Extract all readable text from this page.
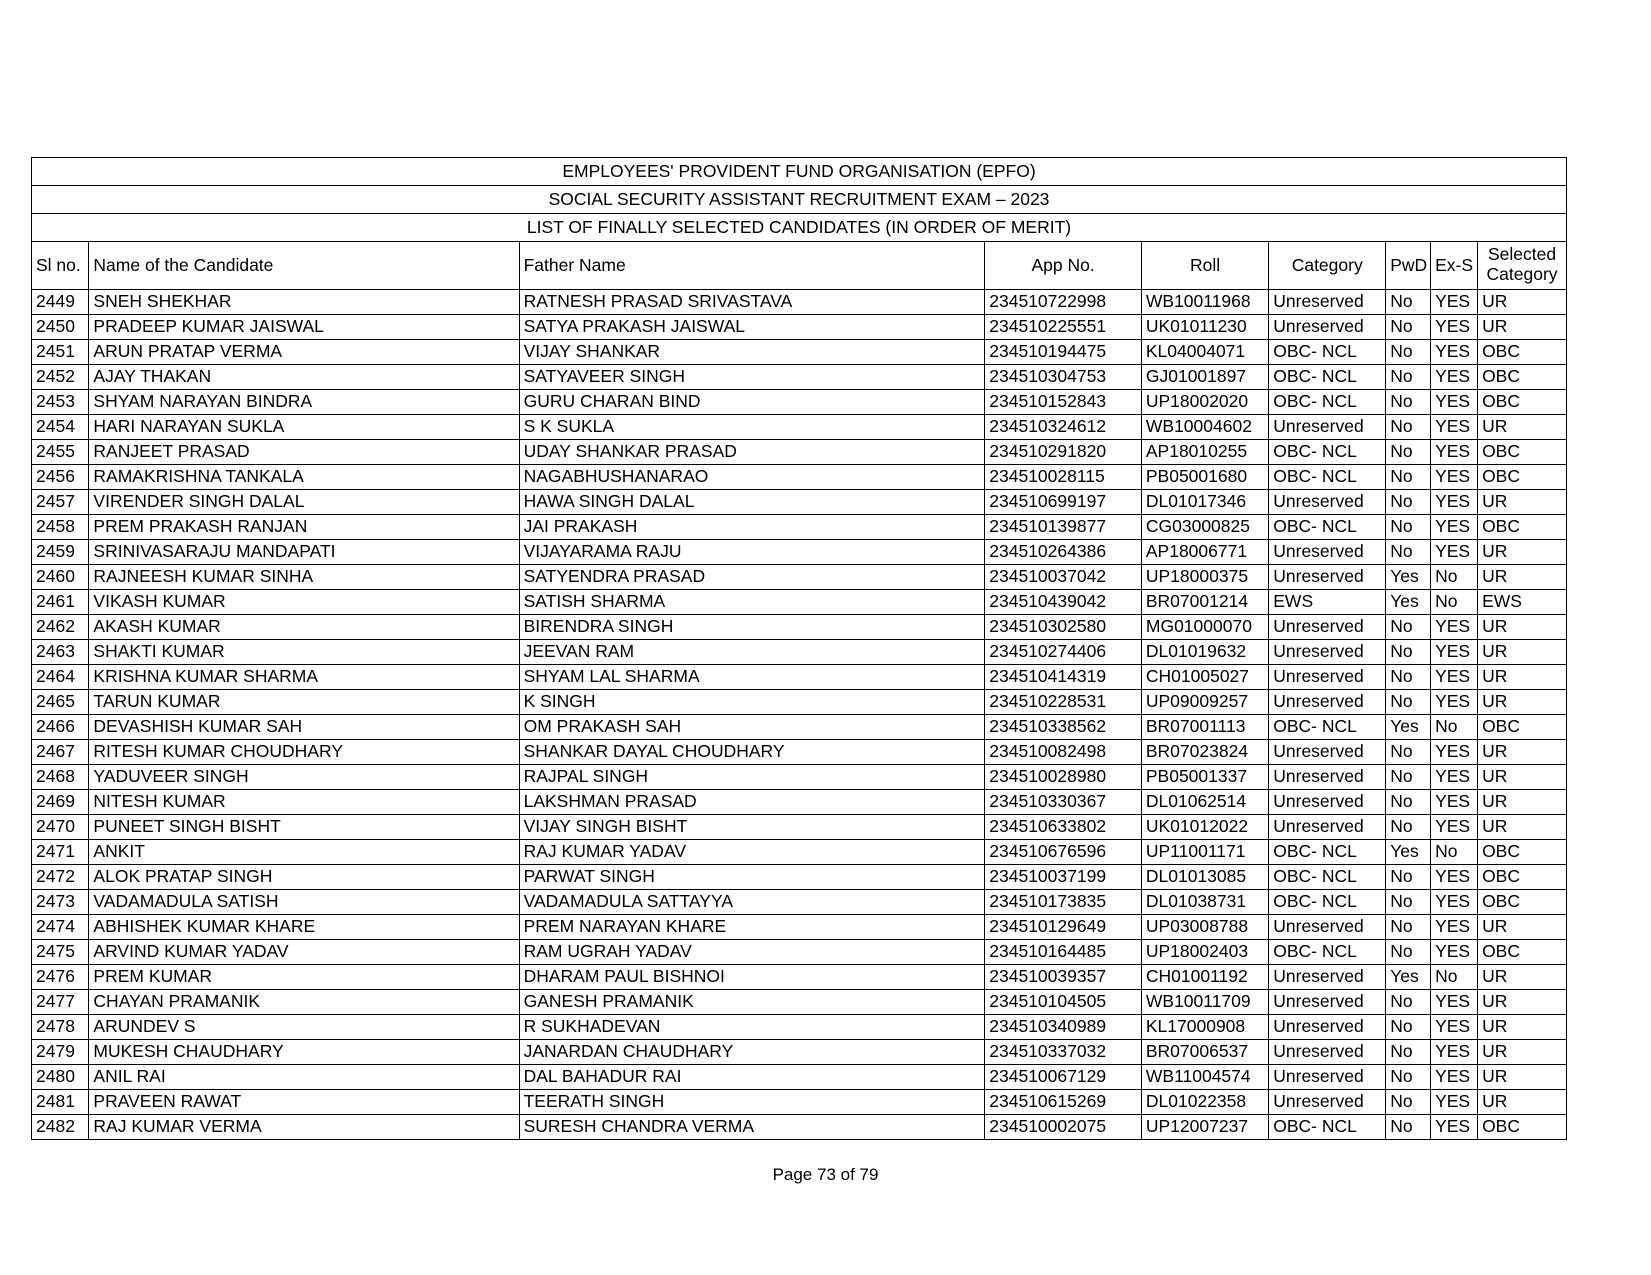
EMPLOYEES' PROVIDENT FUND ORGANISATION (EPFO)								
SOCIAL SECURITY ASSISTANT RECRUITMENT EXAM – 2023								
LIST OF FINALLY SELECTED CANDIDATES (IN ORDER OF MERIT)								
Sl no.	Name of the Candidate	Father Name	App No.	Roll	Category	PwD	Ex-S	Selected
Category
2449	SNEH SHEKHAR	RATNESH PRASAD SRIVASTAVA	234510722998	WB10011968	Unreserved	No	YES	UR
2450	PRADEEP KUMAR JAISWAL	SATYA PRAKASH JAISWAL	234510225551	UK01011230	Unreserved	No	YES	UR
2451	ARUN PRATAP VERMA	VIJAY SHANKAR	234510194475	KL04004071	OBC- NCL	No	YES	OBC
2452	AJAY THAKAN	SATYAVEER SINGH	234510304753	GJ01001897	OBC- NCL	No	YES	OBC
2453	SHYAM NARAYAN BINDRA	GURU CHARAN BIND	234510152843	UP18002020	OBC- NCL	No	YES	OBC
2454	HARI NARAYAN SUKLA	S K SUKLA	234510324612	WB10004602	Unreserved	No	YES	UR
2455	RANJEET PRASAD	UDAY SHANKAR PRASAD	234510291820	AP18010255	OBC- NCL	No	YES	OBC
2456	RAMAKRISHNA TANKALA	NAGABHUSHANARAO	234510028115	PB05001680	OBC- NCL	No	YES	OBC
2457	VIRENDER SINGH DALAL	HAWA SINGH DALAL	234510699197	DL01017346	Unreserved	No	YES	UR
2458	PREM PRAKASH RANJAN	JAI PRAKASH	234510139877	CG03000825	OBC- NCL	No	YES	OBC
2459	SRINIVASARAJU MANDAPATI	VIJAYARAMA RAJU	234510264386	AP18006771	Unreserved	No	YES	UR
2460	RAJNEESH KUMAR SINHA	SATYENDRA PRASAD	234510037042	UP18000375	Unreserved	Yes	No	UR
2461	VIKASH KUMAR	SATISH SHARMA	234510439042	BR07001214	EWS	Yes	No	EWS
2462	AKASH KUMAR	BIRENDRA SINGH	234510302580	MG01000070	Unreserved	No	YES	UR
2463	SHAKTI KUMAR	JEEVAN RAM	234510274406	DL01019632	Unreserved	No	YES	UR
2464	KRISHNA KUMAR SHARMA	SHYAM LAL SHARMA	234510414319	CH01005027	Unreserved	No	YES	UR
2465	TARUN KUMAR	K SINGH	234510228531	UP09009257	Unreserved	No	YES	UR
2466	DEVASHISH KUMAR SAH	OM PRAKASH SAH	234510338562	BR07001113	OBC- NCL	Yes	No	OBC
2467	RITESH KUMAR CHOUDHARY	SHANKAR DAYAL CHOUDHARY	234510082498	BR07023824	Unreserved	No	YES	UR
2468	YADUVEER SINGH	RAJPAL SINGH	234510028980	PB05001337	Unreserved	No	YES	UR
2469	NITESH KUMAR	LAKSHMAN PRASAD	234510330367	DL01062514	Unreserved	No	YES	UR
2470	PUNEET SINGH BISHT	VIJAY SINGH BISHT	234510633802	UK01012022	Unreserved	No	YES	UR
2471	ANKIT	RAJ KUMAR YADAV	234510676596	UP11001171	OBC- NCL	Yes	No	OBC
2472	ALOK PRATAP SINGH	PARWAT SINGH	234510037199	DL01013085	OBC- NCL	No	YES	OBC
2473	VADAMADULA SATISH	VADAMADULA SATTAYYA	234510173835	DL01038731	OBC- NCL	No	YES	OBC
2474	ABHISHEK KUMAR KHARE	PREM NARAYAN KHARE	234510129649	UP03008788	Unreserved	No	YES	UR
2475	ARVIND KUMAR YADAV	RAM UGRAH YADAV	234510164485	UP18002403	OBC- NCL	No	YES	OBC
2476	PREM KUMAR	DHARAM PAUL BISHNOI	234510039357	CH01001192	Unreserved	Yes	No	UR
2477	CHAYAN PRAMANIK	GANESH PRAMANIK	234510104505	WB10011709	Unreserved	No	YES	UR
2478	ARUNDEV S	R SUKHADEVAN	234510340989	KL17000908	Unreserved	No	YES	UR
2479	MUKESH CHAUDHARY	JANARDAN CHAUDHARY	234510337032	BR07006537	Unreserved	No	YES	UR
2480	ANIL RAI	DAL BAHADUR RAI	234510067129	WB11004574	Unreserved	No	YES	UR
2481	PRAVEEN RAWAT	TEERATH SINGH	234510615269	DL01022358	Unreserved	No	YES	UR
2482	RAJ KUMAR VERMA	SURESH CHANDRA VERMA	234510002075	UP12007237	OBC- NCL	No	YES	OBC
Page 73 of 79
